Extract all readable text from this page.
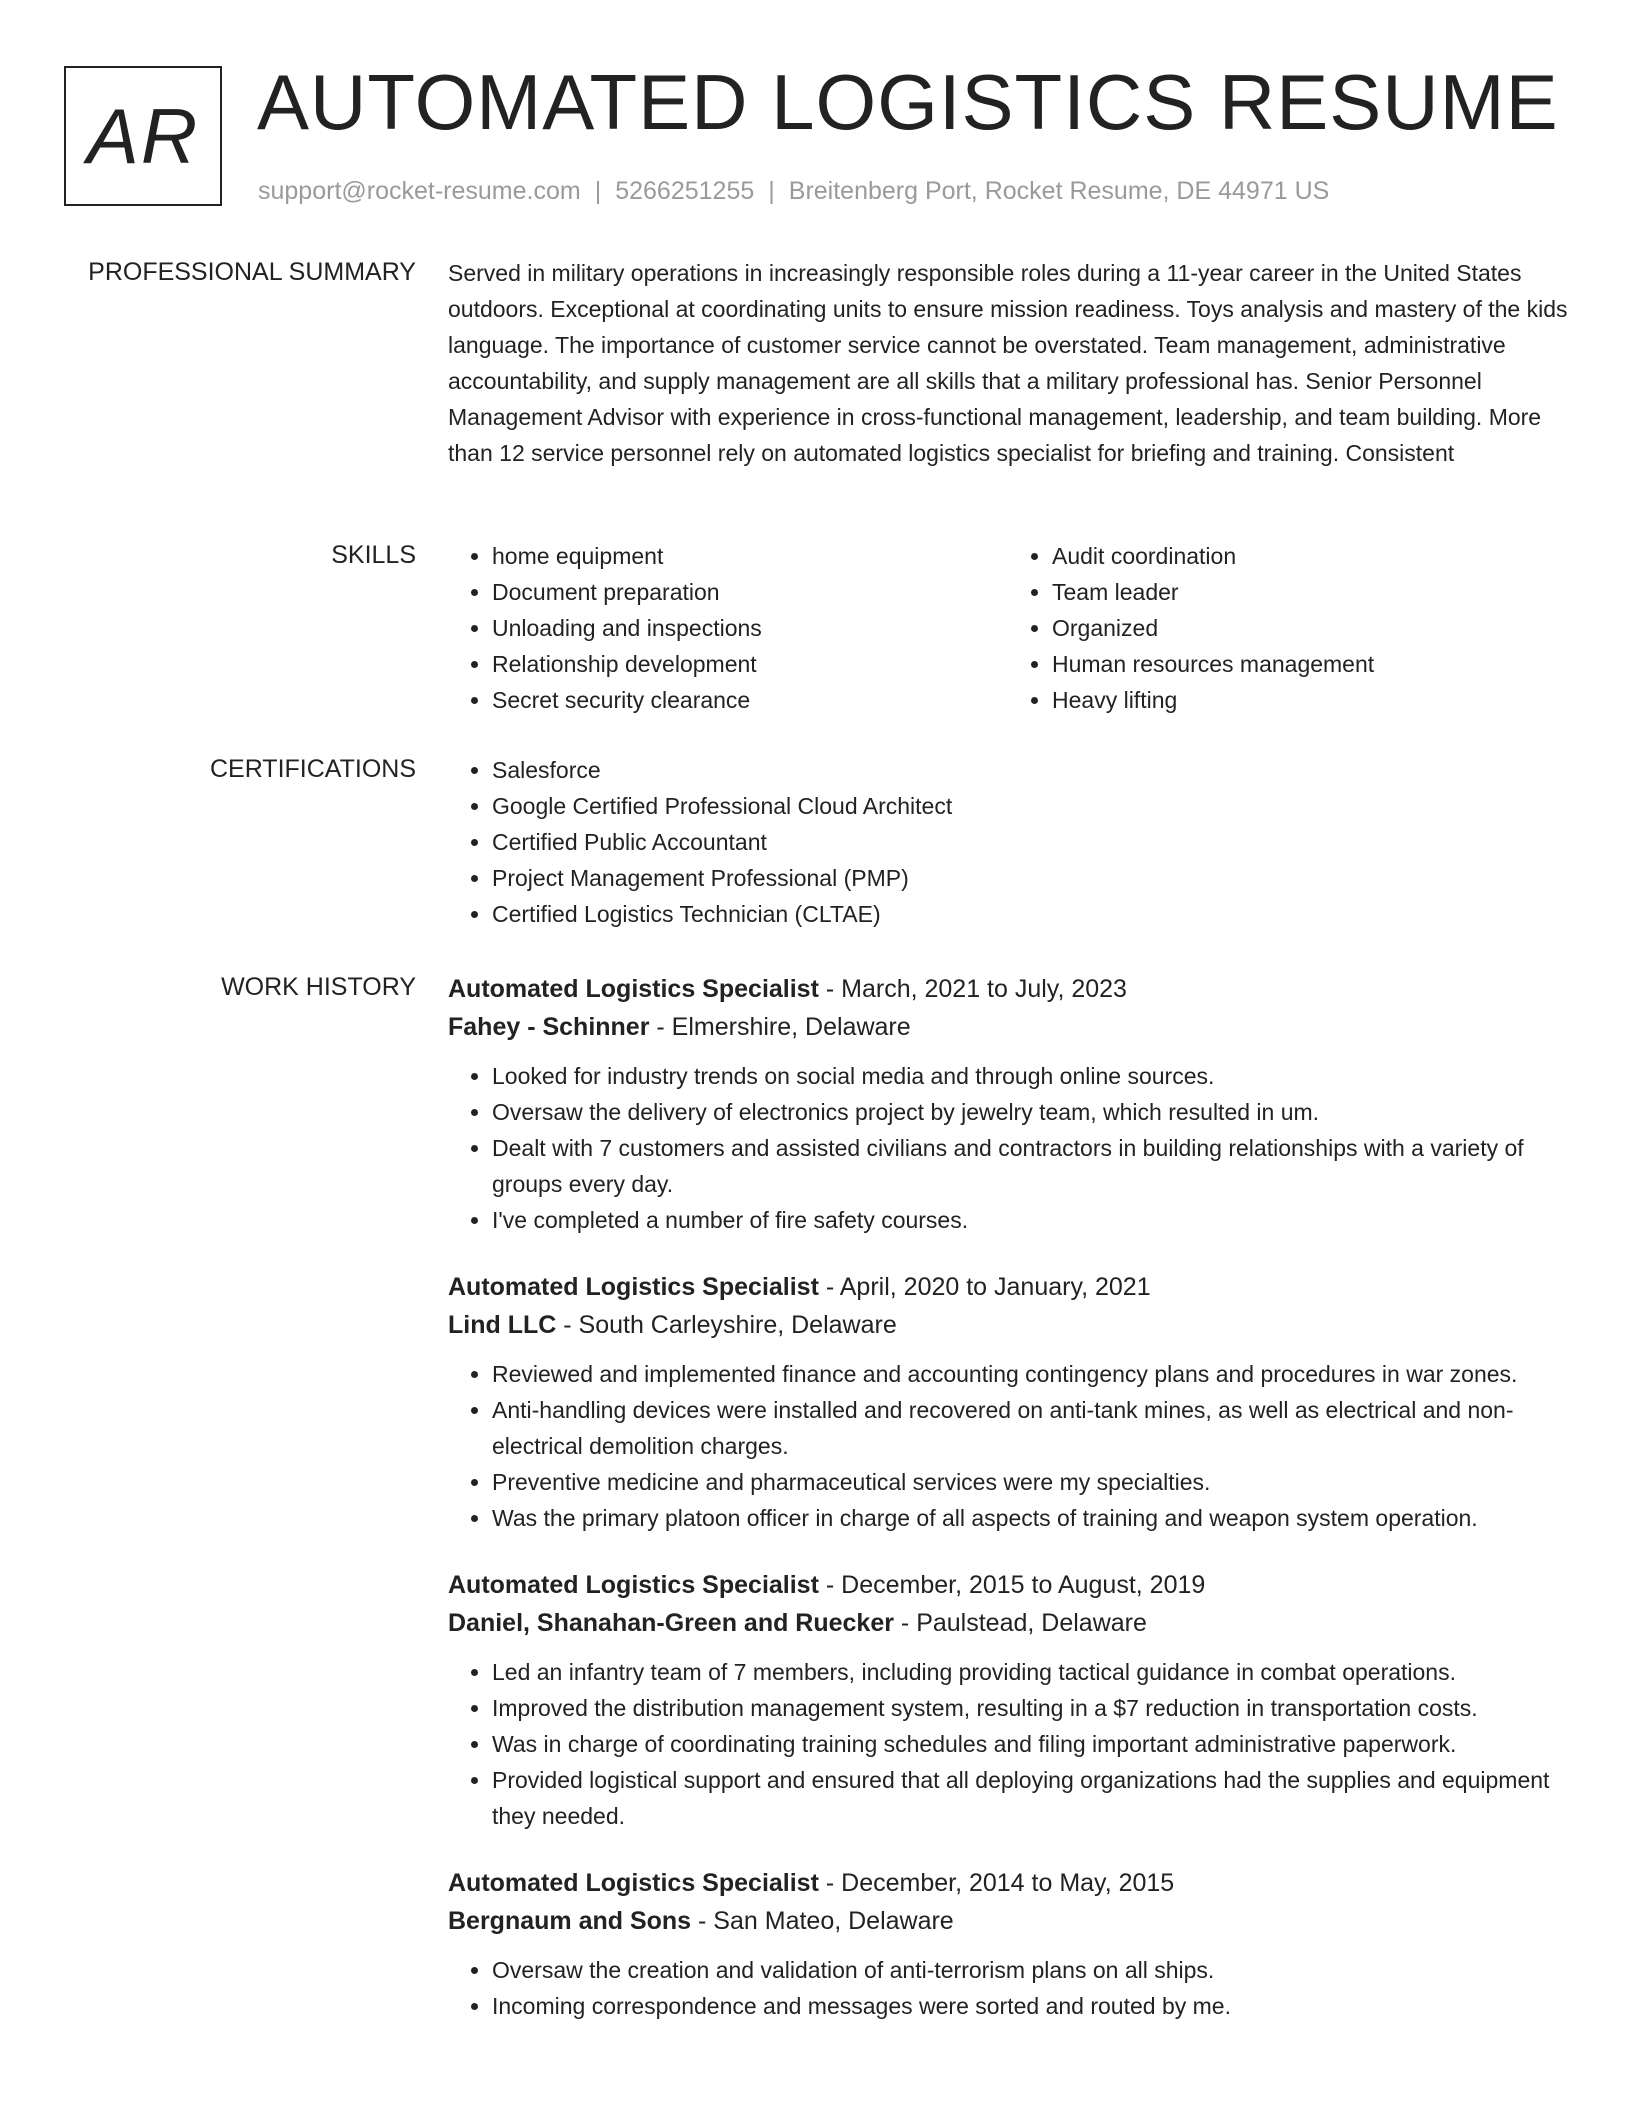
AR AUTOMATED LOGISTICS RESUME
support@rocket-resume.com | 5266251255 | Breitenberg Port, Rocket Resume, DE 44971 US
PROFESSIONAL SUMMARY Served in military operations in increasingly responsible roles during a 11-year career in the United States outdoors. Exceptional at coordinating units to ensure mission readiness. Toys analysis and mastery of the kids language. The importance of customer service cannot be overstated. Team management, administrative accountability, and supply management are all skills that a military professional has. Senior Personnel Management Advisor with experience in cross-functional management, leadership, and team building. More than 12 service personnel rely on automated logistics specialist for briefing and training. Consistent

SKILLS	• home equipment
• Document preparation
• Unloading and inspections
• Relationship development
• Secret security clearance
• Audit coordination
• Team leader
• Organized
• Human resources management
• Heavy lifting
CERTIFICATIONS	• Salesforce
• Google Certified Professional Cloud Architect
• Certified Public Accountant
• Project Management Professional (PMP)
• Certified Logistics Technician (CLTAE)
WORK HISTORY Automated Logistics Specialist - March, 2021 to July, 2023
Fahey - Schinner - Elmershire, Delaware
• Looked for industry trends on social media and through online sources.
• Oversaw the delivery of electronics project by jewelry team, which resulted in um.
• Dealt with 7 customers and assisted civilians and contractors in building relationships with a variety of groups every day.
• I've completed a number of fire safety courses.
Automated Logistics Specialist - April, 2020 to January, 2021
Lind LLC - South Carleyshire, Delaware
• Reviewed and implemented finance and accounting contingency plans and procedures in war zones.
• Anti-handling devices were installed and recovered on anti-tank mines, as well as electrical and non-electrical demolition charges.
• Preventive medicine and pharmaceutical services were my specialties.
• Was the primary platoon officer in charge of all aspects of training and weapon system operation.
Automated Logistics Specialist - December, 2015 to August, 2019
Daniel, Shanahan-Green and Ruecker - Paulstead, Delaware
• Led an infantry team of 7 members, including providing tactical guidance in combat operations.
• Improved the distribution management system, resulting in a $7 reduction in transportation costs.
• Was in charge of coordinating training schedules and filing important administrative paperwork.
• Provided logistical support and ensured that all deploying organizations had the supplies and equipment they needed.
Automated Logistics Specialist - December, 2014 to May, 2015
Bergnaum and Sons - San Mateo, Delaware
• Oversaw the creation and validation of anti-terrorism plans on all ships.
• Incoming correspondence and messages were sorted and routed by me.
